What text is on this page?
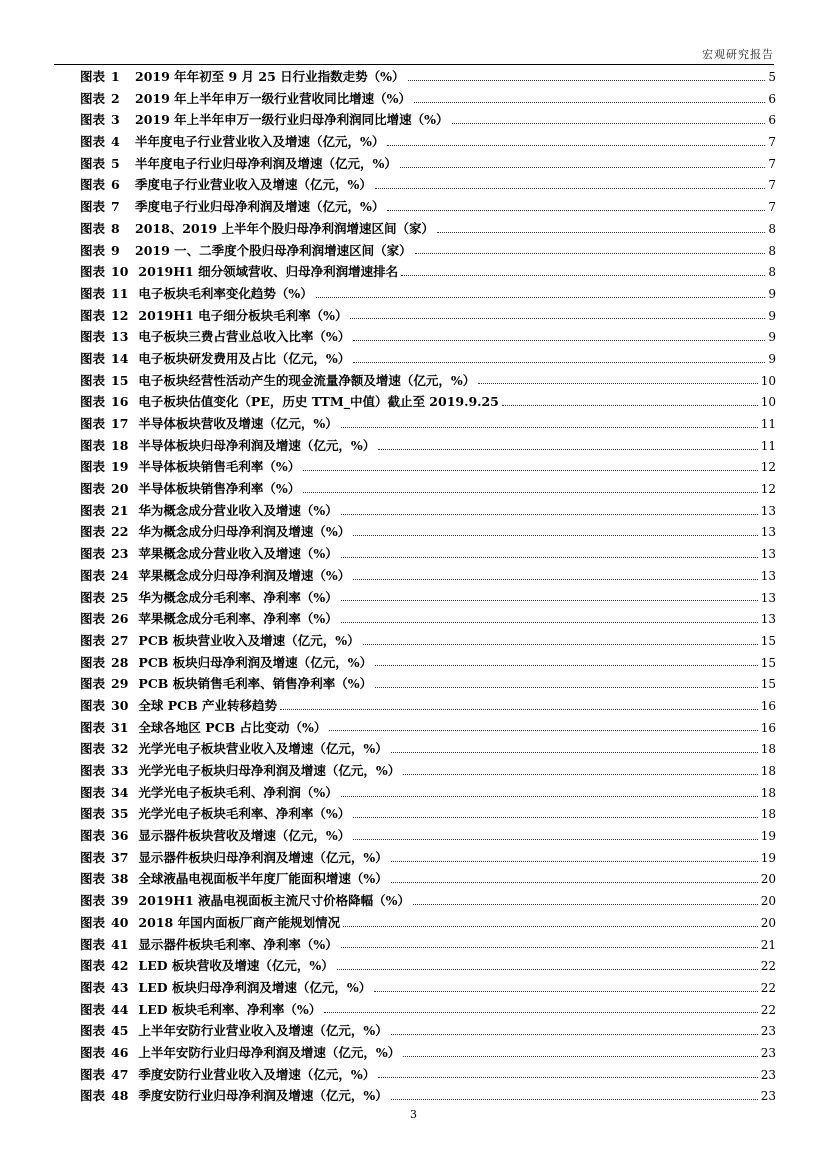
宏观研究报告
图表 1	2019 年年初至 9 月 25 日行业指数走势（%）	5
图表 2	2019 年上半年申万一级行业营收同比增速（%）	6
图表 3	2019 年上半年申万一级行业归母净利润同比增速（%）	6
图表 4	半年度电子行业营业收入及增速（亿元，%）	7
图表 5	半年度电子行业归母净利润及增速（亿元，%）	7
图表 6	季度电子行业营业收入及增速（亿元，%）	7
图表 7	季度电子行业归母净利润及增速（亿元，%）	7
图表 8	2018、2019 上半年个股归母净利润增速区间（家）	8
图表 9	2019 一、二季度个股归母净利润增速区间（家）	8
图表 10 2019H1 细分领域营收、归母净利润增速排名	8
图表 11 电子板块毛利率变化趋势（%）	9
图表 12 2019H1 电子细分板块毛利率（%）	9
图表 13 电子板块三费占营业总收入比率（%）	9
图表 14 电子板块研发费用及占比（亿元，%）	9
图表 15 电子板块经营性活动产生的现金流量净额及增速（亿元，%）	10
图表 16 电子板块估值变化（PE，历史 TTM_中值）截止至 2019.9.25	10
图表 17 半导体板块营收及增速（亿元，%）	11
图表 18 半导体板块归母净利润及增速（亿元，%）	11
图表 19 半导体板块销售毛利率（%）	12
图表 20 半导体板块销售净利率（%）	12
图表 21 华为概念成分营业收入及增速（%）	13
图表 22 华为概念成分归母净利润及增速（%）	13
图表 23 苹果概念成分营业收入及增速（%）	13
图表 24 苹果概念成分归母净利润及增速（%）	13
图表 25 华为概念成分毛利率、净利率（%）	13
图表 26 苹果概念成分毛利率、净利率（%）	13
图表 27 PCB 板块营业收入及增速（亿元，%）	15
图表 28 PCB 板块归母净利润及增速（亿元，%）	15
图表 29 PCB 板块销售毛利率、销售净利率（%）	15
图表 30 全球 PCB 产业转移趋势	16
图表 31 全球各地区 PCB 占比变动（%）	16
图表 32 光学光电子板块营业收入及增速（亿元，%）	18
图表 33 光学光电子板块归母净利润及增速（亿元，%）	18
图表 34 光学光电子板块毛利、净利润（%）	18
图表 35 光学光电子板块毛利率、净利率（%）	18
图表 36 显示器件板块营收及增速（亿元，%）	19
图表 37 显示器件板块归母净利润及增速（亿元，%）	19
图表 38 全球液晶电视面板半年度厂能面积增速（%）	20
图表 39 2019H1 液晶电视面板主流尺寸价格降幅（%）	20
图表 40 2018 年国内面板厂商产能规划情况	20
图表 41 显示器件板块毛利率、净利率（%）	21
图表 42 LED 板块营收及增速（亿元，%）	22
图表 43 LED 板块归母净利润及增速（亿元，%）	22
图表 44 LED 板块毛利率、净利率（%）	22
图表 45 上半年安防行业营业收入及增速（亿元，%）	23
图表 46 上半年安防行业归母净利润及增速（亿元，%）	23
图表 47 季度安防行业营业收入及增速（亿元，%）	23
图表 48 季度安防行业归母净利润及增速（亿元，%）	23
3
